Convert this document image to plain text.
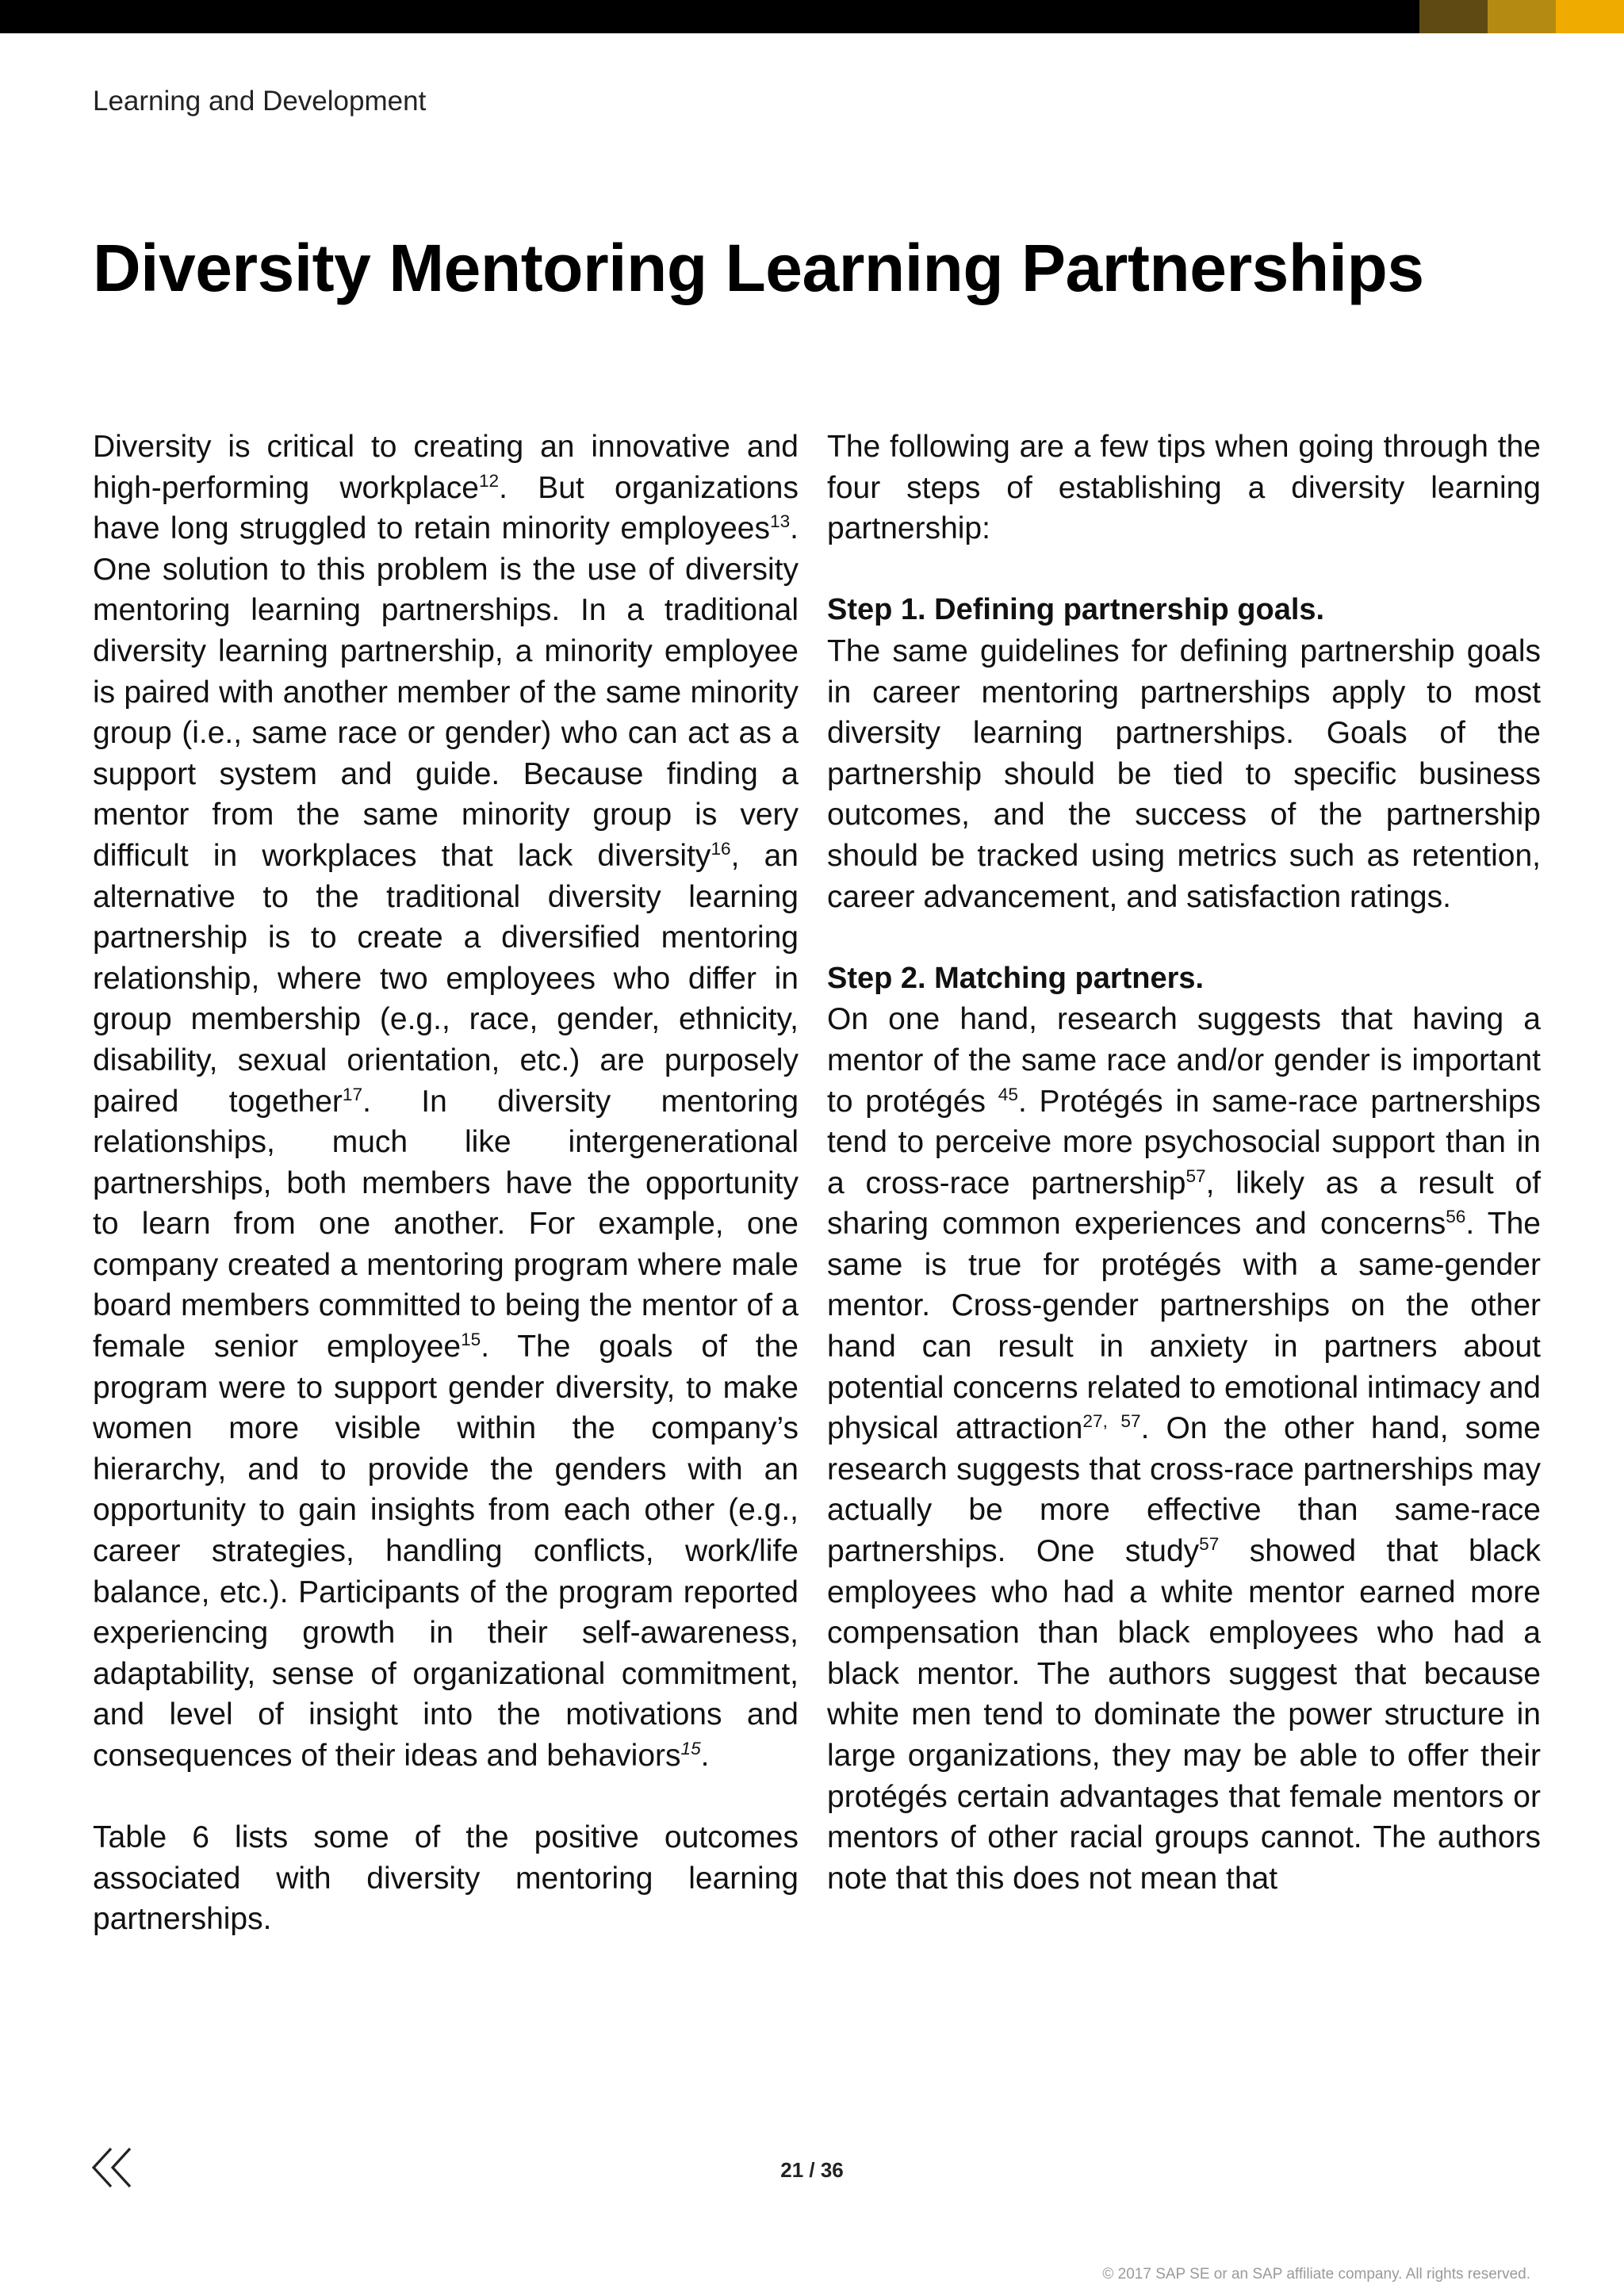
Learning and Development
Diversity Mentoring Learning Partnerships

Diversity is critical to creating an innovative and high-performing workplace$^{12}$. But organizations have long struggled to retain minority employees$^{13}$. One solution to this problem is the use of diversity mentoring learning partnerships. In a traditional diversity learning partnership, a minority employee is paired with another member of the same minority group (i.e., same race or gender) who can act as a support system and guide. Because finding a mentor from the same minority group is very difficult in workplaces that lack diversity$^{16}$, an alternative to the traditional diversity learning partnership is to create a diversified mentoring relationship, where two employees who differ in group membership (e.g., race, gender, ethnicity, disability, sexual orientation, etc.) are purposely paired together$^{17}$. In diversity mentoring relationships, much like intergenerational partnerships, both members have the opportunity to learn from one another. For example, one company created a mentoring program where male board members committed to being the mentor of a female senior employee$^{15}$. The goals of the program were to support gender diversity, to make women more visible within the company’s hierarchy, and to provide the genders with an opportunity to gain insights from each other (e.g., career strategies, handling conflicts, work/life balance, etc.). Participants of the program reported experiencing growth in their self-awareness, adaptability, sense of organizational commitment, and level of insight into the motivations and consequences of their ideas and behaviors$^{15}$.

Table 6 lists some of the positive outcomes associated with diversity mentoring learning partnerships.

The following are a few tips when going through the four steps of establishing a diversity learning partnership:

Step 1. Defining partnership goals.

The same guidelines for defining partnership goals in career mentoring partnerships apply to most diversity learning partnerships. Goals of the partnership should be tied to specific business outcomes, and the success of the partnership should be tracked using metrics such as retention, career advancement, and satisfaction ratings.

Step 2. Matching partners.

On one hand, research suggests that having a mentor of the same race and/or gender is important to protégés $^{45}$. Protégés in same-race partnerships tend to perceive more psychosocial support than in a cross-race partnership$^{57}$, likely as a result of sharing common experiences and concerns$^{56}$. The same is true for protégés with a same-gender mentor. Cross-gender partnerships on the other hand can result in anxiety in partners about potential concerns related to emotional intimacy and physical attraction$^{27, 57}$. On the other hand, some research suggests that cross-race partnerships may actually be more effective than same-race partnerships. One study$^{57}$ showed that black employees who had a white mentor earned more compensation than black employees who had a black mentor. The authors suggest that because white men tend to dominate the power structure in large organizations, they may be able to offer their protégés certain advantages that female mentors or mentors of other racial groups cannot. The authors note that this does not mean that

21 / 36
© 2017 SAP SE or an SAP affiliate company. All rights reserved.
